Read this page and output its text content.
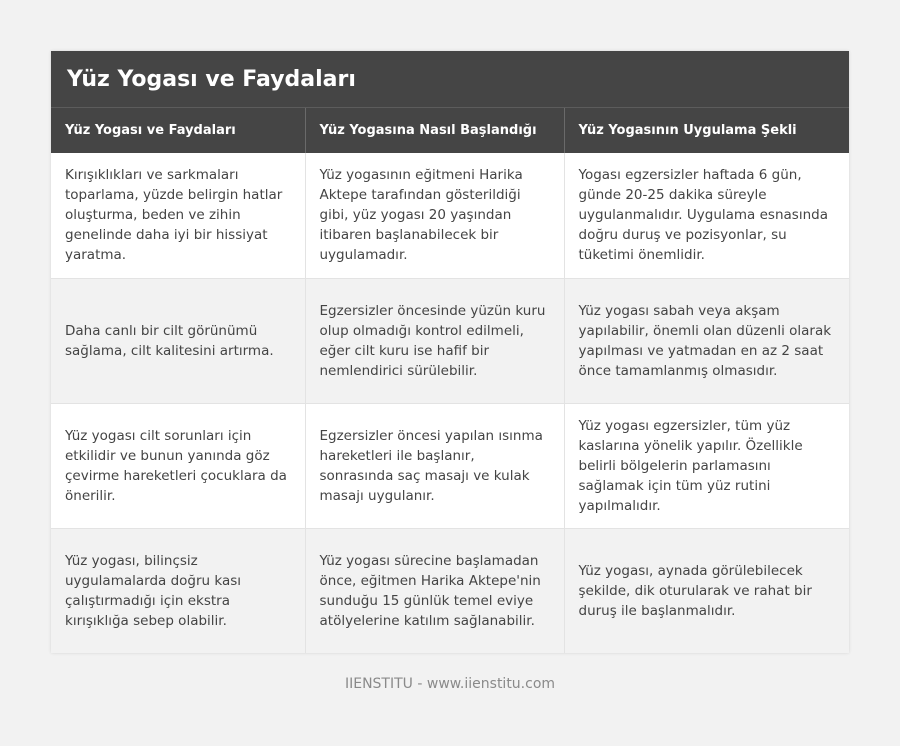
Yüz Yogası ve Faydaları
Yüz Yogası ve Faydaları	Yüz Yogasına Nasıl Başlandığı	Yüz Yogasının Uygulama Şekli
Kırışıklıkları ve sarkmaları toparlama, yüzde belirgin hatlar oluşturma, beden ve zihin genelinde daha iyi bir hissiyat yaratma.	Yüz yogasının eğitmeni Harika Aktepe tarafından gösterildiği gibi, yüz yogası 20 yaşından itibaren başlanabilecek bir uygulamadır.	Yogası egzersizler haftada 6 gün, günde 20-25 dakika süreyle uygulanmalıdır. Uygulama esnasında doğru duruş ve pozisyonlar, su tüketimi önemlidir.
Daha canlı bir cilt görünümü sağlama, cilt kalitesini artırma.	Egzersizler öncesinde yüzün kuru olup olmadığı kontrol edilmeli, eğer cilt kuru ise hafif bir nemlendirici sürülebilir.	Yüz yogası sabah veya akşam yapılabilir, önemli olan düzenli olarak yapılması ve yatmadan en az 2 saat önce tamamlanmış olmasıdır.
Yüz yogası cilt sorunları için etkilidir ve bunun yanında göz çevirme hareketleri çocuklara da önerilir.	Egzersizler öncesi yapılan ısınma hareketleri ile başlanır, sonrasında saç masajı ve kulak masajı uygulanır.	Yüz yogası egzersizler, tüm yüz kaslarına yönelik yapılır. Özellikle belirli bölgelerin parlamasını sağlamak için tüm yüz rutini yapılmalıdır.
Yüz yogası, bilinçsiz uygulamalarda doğru kası çalıştırmadığı için ekstra kırışıklığa sebep olabilir.	Yüz yogası sürecine başlamadan önce, eğitmen Harika Aktepe'nin sunduğu 15 günlük temel eviye atölyelerine katılım sağlanabilir.	Yüz yogası, aynada görülebilecek şekilde, dik oturularak ve rahat bir duruş ile başlanmalıdır.
IIENSTITU - www.iienstitu.com
